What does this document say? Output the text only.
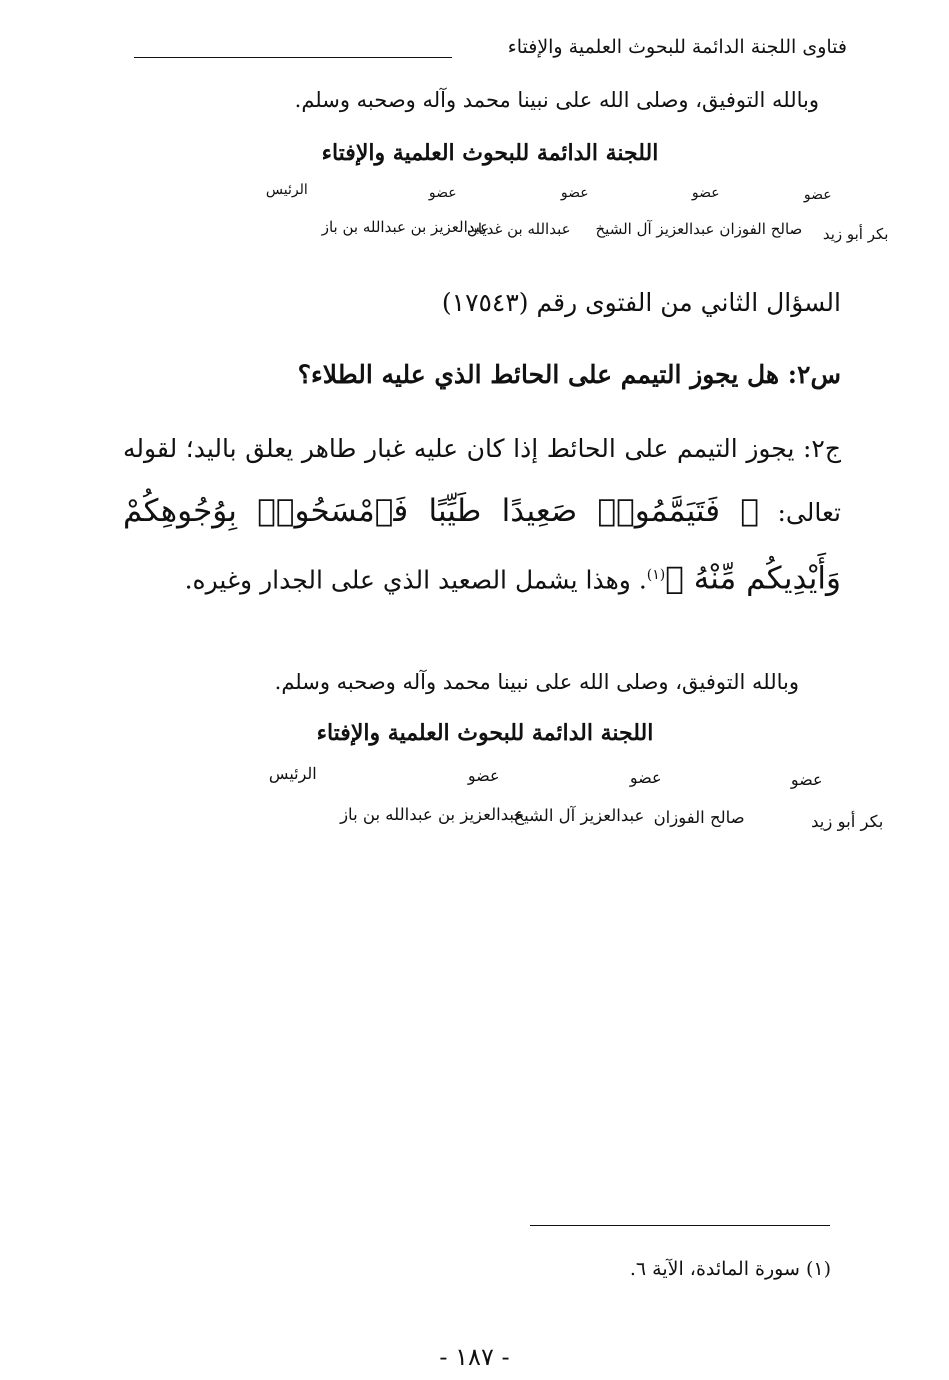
فتاوى اللجنة الدائمة للبحوث العلمية والإفتاء
وبالله التوفيق، وصلى الله على نبينا محمد وآله وصحبه وسلم.
اللجنة الدائمة للبحوث العلمية والإفتاء
عضو
بكر أبو زيد
عضو
صالح الفوزان
عضو
عبدالعزيز آل الشيخ
عضو
عبدالله بن غديان
الرئيس
عبدالعزيز بن عبدالله بن باز
السؤال الثاني من الفتوى رقم (١٧٥٤٣)
س٢: هل يجوز التيمم على الحائط الذي عليه الطلاء؟
ج٢: يجوز التيمم على الحائط إذا كان عليه غبار طاهر يعلق باليد؛ لقوله تعالى: ﴿ فَتَيَمَّمُوا۟ صَعِيدًا طَيِّبًا فَٱمْسَحُوا۟ بِوُجُوهِكُمْ وَأَيْدِيكُم مِّنْهُ ﴾$^{(١)}$. وهذا يشمل الصعيد الذي على الجدار وغيره.
وبالله التوفيق، وصلى الله على نبينا محمد وآله وصحبه وسلم.
اللجنة الدائمة للبحوث العلمية والإفتاء
عضو
بكر أبو زيد
عضو
صالح الفوزان
عضو
عبدالعزيز آل الشيخ
الرئيس
عبدالعزيز بن عبدالله بن باز
(١) سورة المائدة، الآية ٦.
- ١٨٧ -
